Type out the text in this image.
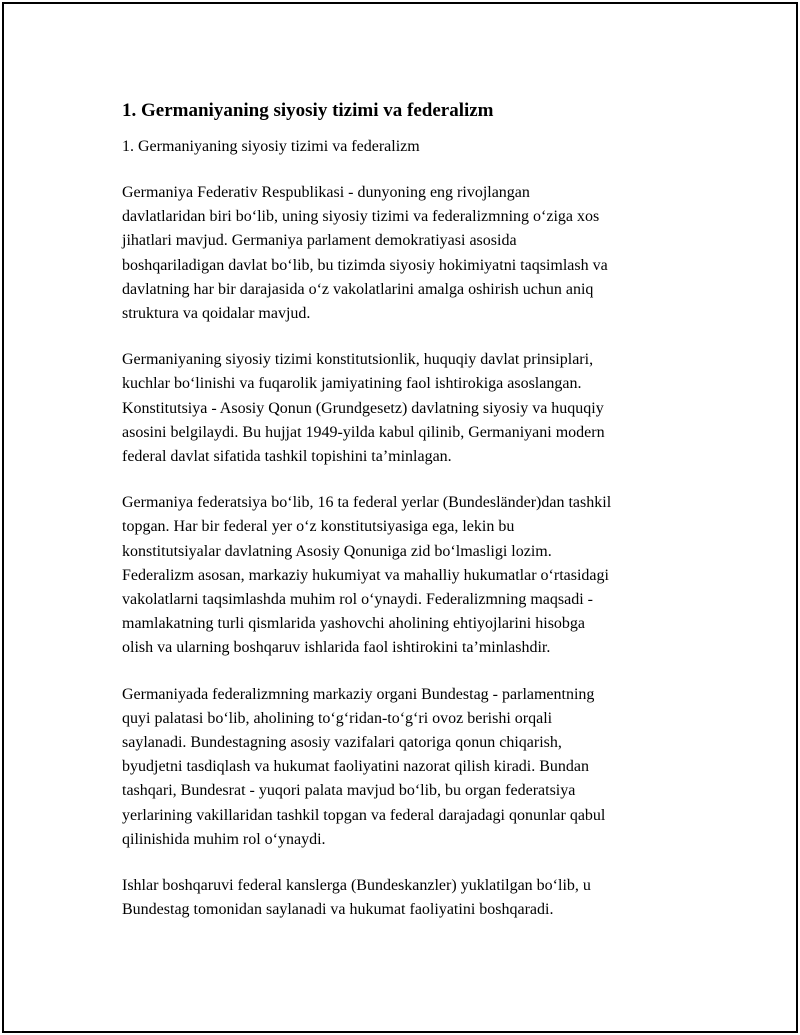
1. Germaniyaning siyosiy tizimi va federalizm
1. Germaniyaning siyosiy tizimi va federalizm
Germaniya Federativ Respublikasi - dunyoning eng rivojlangan
davlatlaridan biri bo‘lib, uning siyosiy tizimi va federalizmning o‘ziga xos
jihatlari mavjud. Germaniya parlament demokratiyasi asosida
boshqariladigan davlat bo‘lib, bu tizimda siyosiy hokimiyatni taqsimlash va
davlatning har bir darajasida o‘z vakolatlarini amalga oshirish uchun aniq
struktura va qoidalar mavjud.
Germaniyaning siyosiy tizimi konstitutsionlik, huquqiy davlat prinsiplari,
kuchlar bo‘linishi va fuqarolik jamiyatining faol ishtirokiga asoslangan.
Konstitutsiya - Asosiy Qonun (Grundgesetz) davlatning siyosiy va huquqiy
asosini belgilaydi. Bu hujjat 1949-yilda kabul qilinib, Germaniyani modern
federal davlat sifatida tashkil topishini ta’minlagan.
Germaniya federatsiya bo‘lib, 16 ta federal yerlar (Bundesländer)dan tashkil
topgan. Har bir federal yer o‘z konstitutsiyasiga ega, lekin bu
konstitutsiyalar davlatning Asosiy Qonuniga zid bo‘lmasligi lozim.
Federalizm asosan, markaziy hukumiyat va mahalliy hukumatlar o‘rtasidagi
vakolatlarni taqsimlashda muhim rol o‘ynaydi. Federalizmning maqsadi -
mamlakatning turli qismlarida yashovchi aholining ehtiyojlarini hisobga
olish va ularning boshqaruv ishlarida faol ishtirokini ta’minlashdir.
Germaniyada federalizmning markaziy organi Bundestag - parlamentning
quyi palatasi bo‘lib, aholining to‘g‘ridan-to‘g‘ri ovoz berishi orqali
saylanadi. Bundestagning asosiy vazifalari qatoriga qonun chiqarish,
byudjetni tasdiqlash va hukumat faoliyatini nazorat qilish kiradi. Bundan
tashqari, Bundesrat - yuqori palata mavjud bo‘lib, bu organ federatsiya
yerlarining vakillaridan tashkil topgan va federal darajadagi qonunlar qabul
qilinishida muhim rol o‘ynaydi.
Ishlar boshqaruvi federal kanslerga (Bundeskanzler) yuklatilgan bo‘lib, u
Bundestag tomonidan saylanadi va hukumat faoliyatini boshqaradi.
